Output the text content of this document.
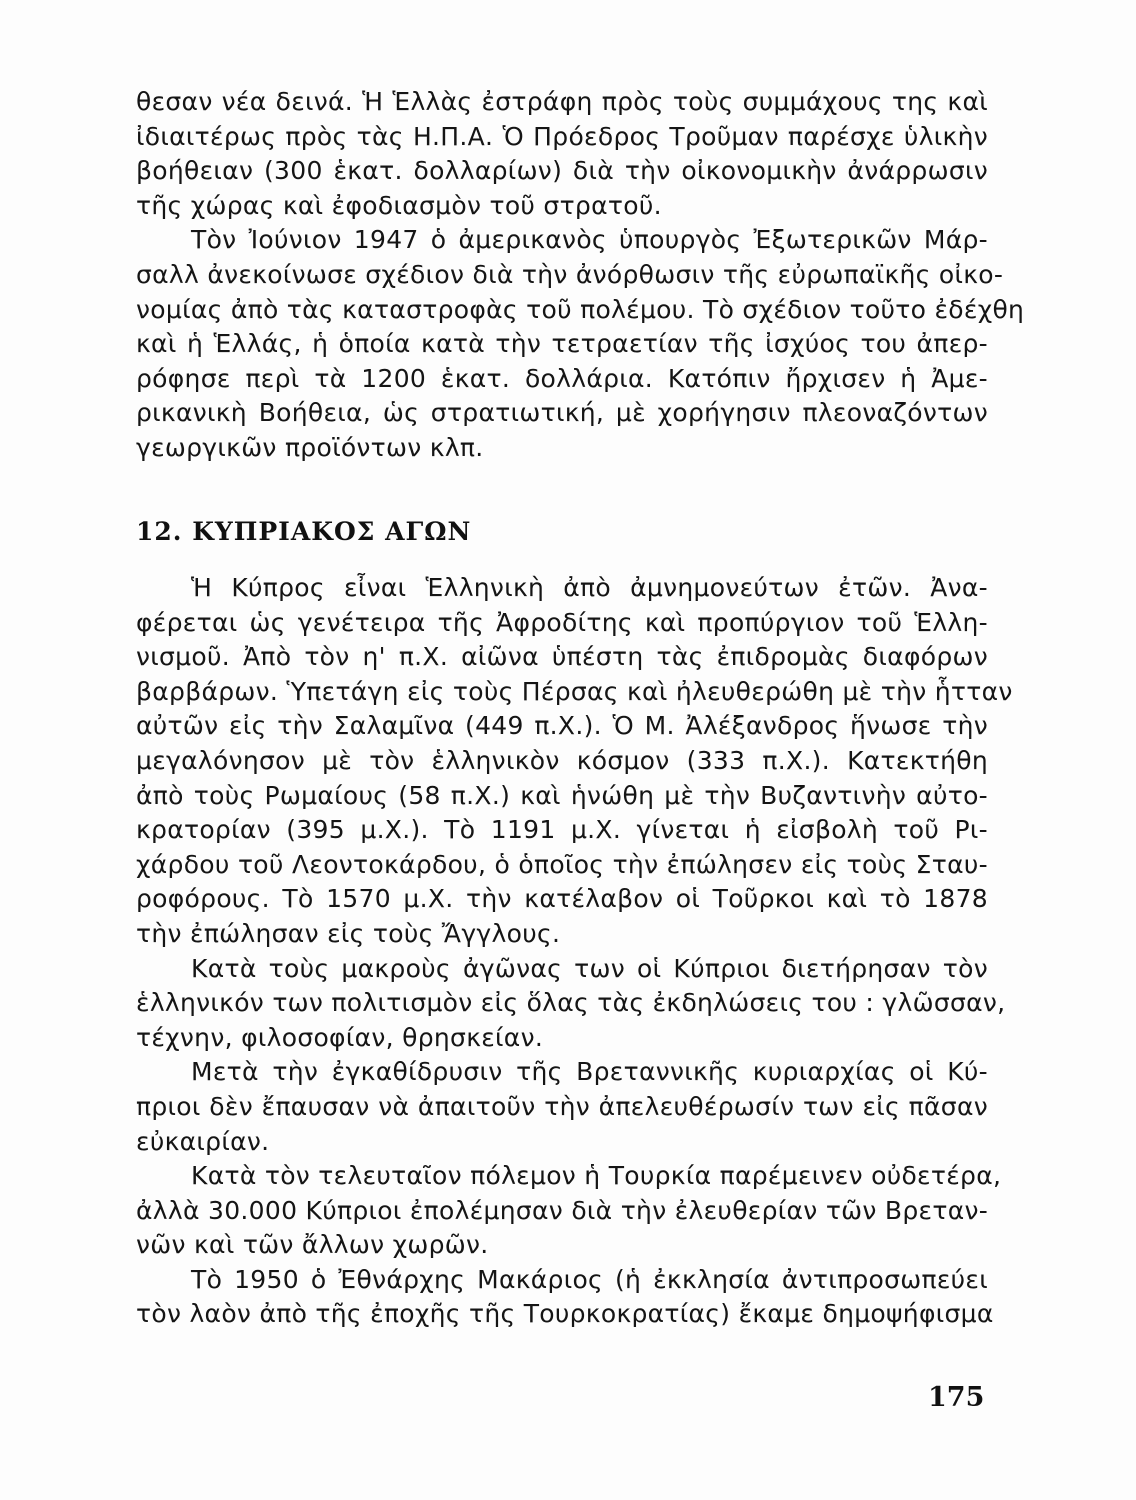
θεσαν νέα δεινά. Ἡ Ἑλλὰς ἐστράφη πρὸς τοὺς συμμάχους της καὶ
ἰδιαιτέρως πρὸς τὰς Η.Π.Α. Ὁ Πρόεδρος Τροῦμαν παρέσχε ὑλικὴν
βοήθειαν (300 ἑκατ. δολλαρίων) διὰ τὴν οἰκονομικὴν ἀνάρρωσιν
τῆς χώρας καὶ ἐφοδιασμὸν τοῦ στρατοῦ.
Τὸν Ἰούνιον 1947 ὁ ἀμερικανὸς ὑπουργὸς Ἐξωτερικῶν Μάρ-
σαλλ ἀνεκοίνωσε σχέδιον διὰ τὴν ἀνόρθωσιν τῆς εὐρωπαϊκῆς οἰκο-
νομίας ἀπὸ τὰς καταστροφὰς τοῦ πολέμου. Τὸ σχέδιον τοῦτο ἐδέχθη
καὶ ἡ Ἑλλάς, ἡ ὁποία κατὰ τὴν τετραετίαν τῆς ἰσχύος του ἀπερ-
ρόφησε περὶ τὰ 1200 ἑκατ. δολλάρια. Κατόπιν ἤρχισεν ἡ Ἀμε-
ρικανικὴ Βοήθεια, ὡς στρατιωτική, μὲ χορήγησιν πλεοναζόντων
γεωργικῶν προϊόντων κλπ.
12. ΚΥΠΡΙΑΚΟΣ ΑΓΩΝ
Ἡ Κύπρος εἶναι Ἑλληνικὴ ἀπὸ ἀμνημονεύτων ἐτῶν. Ἀνα-
φέρεται ὡς γενέτειρα τῆς Ἀφροδίτης καὶ προπύργιον τοῦ Ἑλλη-
νισμοῦ. Ἀπὸ τὸν η' π.Χ. αἰῶνα ὑπέστη τὰς ἐπιδρομὰς διαφόρων
βαρβάρων. Ὑπετάγη εἰς τοὺς Πέρσας καὶ ἠλευθερώθη μὲ τὴν ἧτταν
αὐτῶν εἰς τὴν Σαλαμῖνα (449 π.Χ.). Ὁ Μ. Ἀλέξανδρος ἥνωσε τὴν
μεγαλόνησον μὲ τὸν ἑλληνικὸν κόσμον (333 π.Χ.). Κατεκτήθη
ἀπὸ τοὺς Ρωμαίους (58 π.Χ.) καὶ ἡνώθη μὲ τὴν Βυζαντινὴν αὐτο-
κρατορίαν (395 μ.Χ.). Τὸ 1191 μ.Χ. γίνεται ἡ εἰσβολὴ τοῦ Ρι-
χάρδου τοῦ Λεοντοκάρδου, ὁ ὁποῖος τὴν ἐπώλησεν εἰς τοὺς Σταυ-
ροφόρους. Τὸ 1570 μ.Χ. τὴν κατέλαβον οἱ Τοῦρκοι καὶ τὸ 1878
τὴν ἐπώλησαν εἰς τοὺς Ἄγγλους.
Κατὰ τοὺς μακροὺς ἀγῶνας των οἱ Κύπριοι διετήρησαν τὸν
ἑλληνικόν των πολιτισμὸν εἰς ὅλας τὰς ἐκδηλώσεις του : γλῶσσαν,
τέχνην, φιλοσοφίαν, θρησκείαν.
Μετὰ τὴν ἐγκαθίδρυσιν τῆς Βρεταννικῆς κυριαρχίας οἱ Κύ-
πριοι δὲν ἔπαυσαν νὰ ἀπαιτοῦν τὴν ἀπελευθέρωσίν των εἰς πᾶσαν
εὐκαιρίαν.
Κατὰ τὸν τελευταῖον πόλεμον ἡ Τουρκία παρέμεινεν οὐδετέρα,
ἀλλὰ 30.000 Κύπριοι ἐπολέμησαν διὰ τὴν ἐλευθερίαν τῶν Βρεταν-
νῶν καὶ τῶν ἄλλων χωρῶν.
Τὸ 1950 ὁ Ἐθνάρχης Μακάριος (ἡ ἐκκλησία ἀντιπροσωπεύει
τὸν λαὸν ἀπὸ τῆς ἐποχῆς τῆς Τουρκοκρατίας) ἔκαμε δημοψήφισμα
175
